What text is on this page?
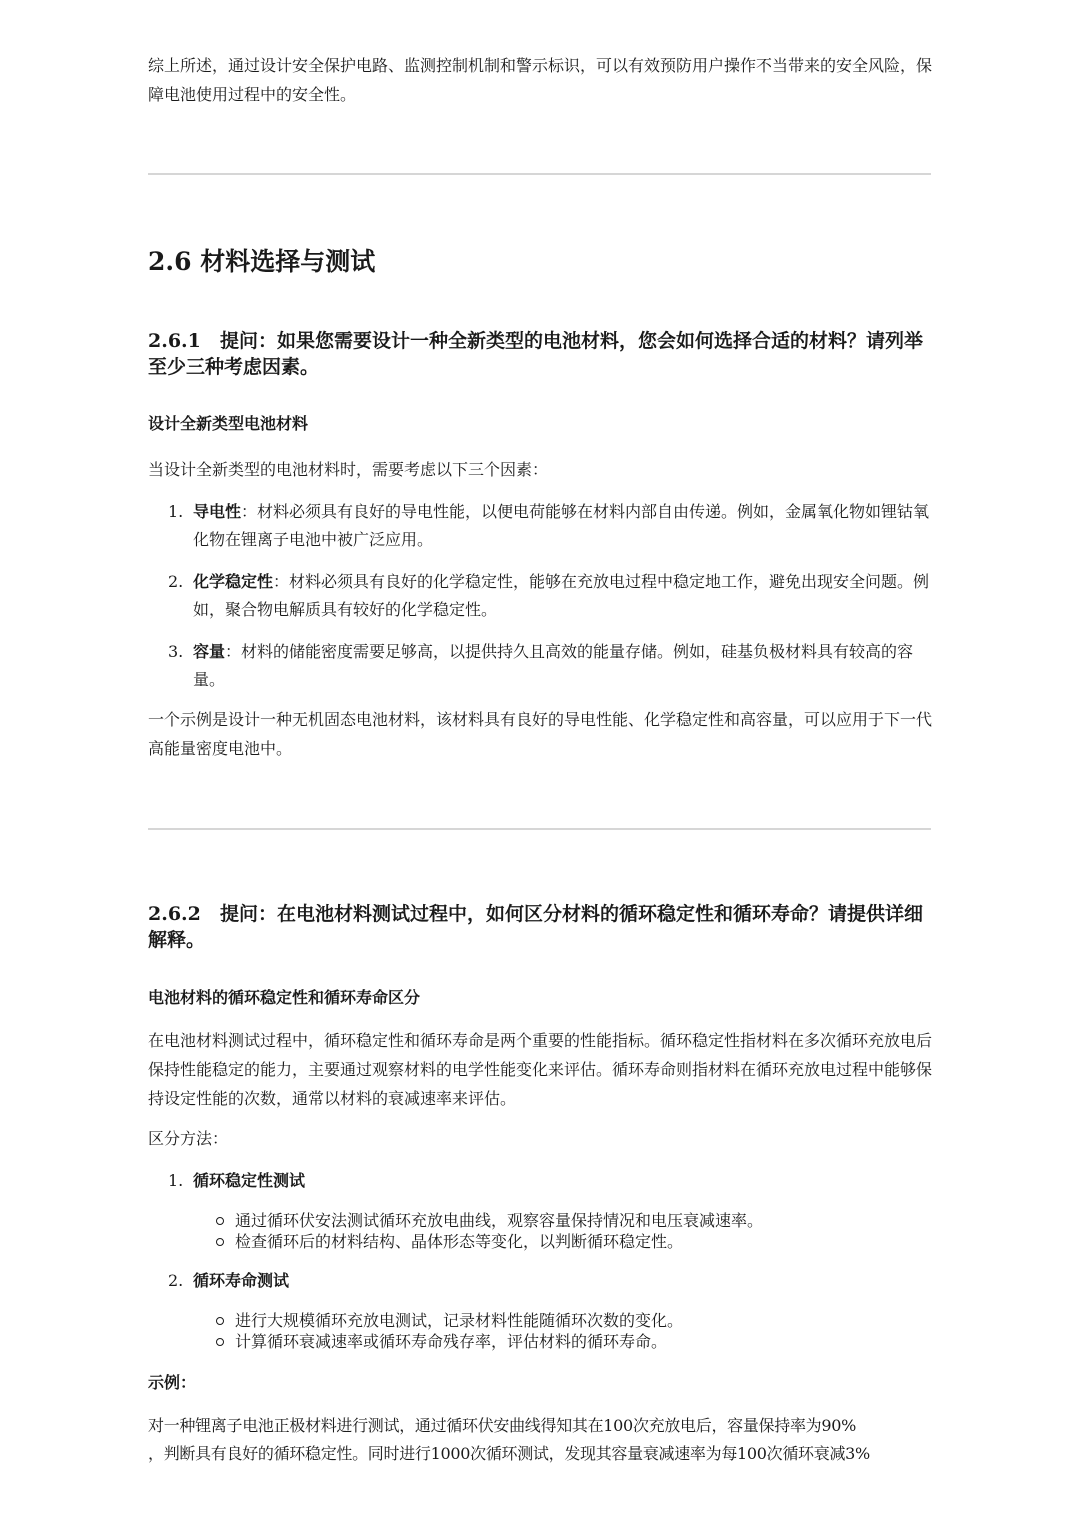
综上所述，通过设计安全保护电路、监测控制机制和警示标识，可以有效预防用户操作不当带来的安全风险，保障电池使用过程中的安全性。

2.6 材料选择与测试
2.6.1 提问：如果您需要设计一种全新类型的电池材料，您会如何选择合适的材料？请列举至少三种考虑因素。
设计全新类型电池材料

当设计全新类型的电池材料时，需要考虑以下三个因素：

1. 导电性：材料必须具有良好的导电性能，以便电荷能够在材料内部自由传递。例如，金属氧化物如锂钴氧化物在锂离子电池中被广泛应用。
2. 化学稳定性：材料必须具有良好的化学稳定性，能够在充放电过程中稳定地工作，避免出现安全问题。例如，聚合物电解质具有较好的化学稳定性。
3. 容量：材料的储能密度需要足够高，以提供持久且高效的能量存储。例如，硅基负极材料具有较高的容量。

一个示例是设计一种无机固态电池材料，该材料具有良好的导电性能、化学稳定性和高容量，可以应用于下一代高能量密度电池中。

2.6.2 提问：在电池材料测试过程中，如何区分材料的循环稳定性和循环寿命？请提供详细解释。
电池材料的循环稳定性和循环寿命区分

在电池材料测试过程中，循环稳定性和循环寿命是两个重要的性能指标。循环稳定性指材料在多次循环充放电后保持性能稳定的能力，主要通过观察材料的电学性能变化来评估。循环寿命则指材料在循环充放电过程中能够保持设定性能的次数，通常以材料的衰减速率来评估。

区分方法：

1. 循环稳定性测试
通过循环伏安法测试循环充放电曲线，观察容量保持情况和电压衰减速率。
检查循环后的材料结构、晶体形态等变化，以判断循环稳定性。
2. 循环寿命测试
进行大规模循环充放电测试，记录材料性能随循环次数的变化。
计算循环衰减速率或循环寿命残存率，评估材料的循环寿命。

示例：

对一种锂离子电池正极材料进行测试，通过循环伏安曲线得知其在100次充放电后，容量保持率为90%

，判断具有良好的循环稳定性。同时进行1000次循环测试，发现其容量衰减速率为每100次循环衰减3%
